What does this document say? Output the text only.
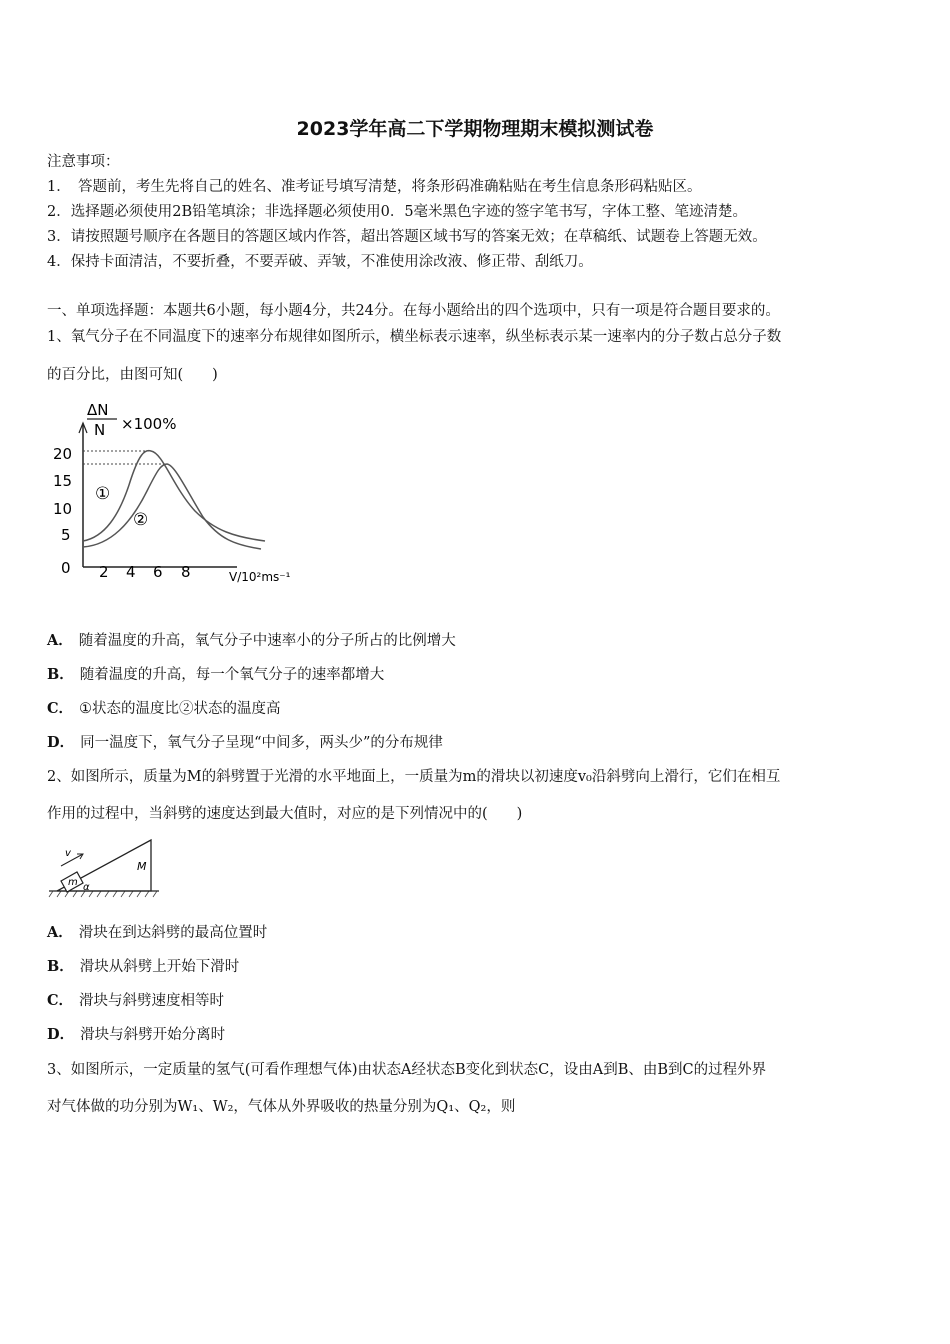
2023学年高二下学期物理期末模拟测试卷
注意事项：
1．　答题前，考生先将自己的姓名、准考证号填写清楚，将条形码准确粘贴在考生信息条形码粘贴区。
2．选择题必须使用2B铅笔填涂；非选择题必须使用0．5毫米黑色字迹的签字笔书写，字体工整、笔迹清楚。
3．请按照题号顺序在各题目的答题区域内作答，超出答题区域书写的答案无效；在草稿纸、试题卷上答题无效。
4．保持卡面清洁，不要折叠，不要弄破、弄皱，不准使用涂改液、修正带、刮纸刀。
一、单项选择题：本题共6小题，每小题4分，共24分。在每小题给出的四个选项中，只有一项是符合题目要求的。
1、氧气分子在不同温度下的速率分布规律如图所示，横坐标表示速率，纵坐标表示某一速率内的分子数占总分子数
的百分比，由图可知(　　)
ΔN
N ×100%
20
15
10
5
0 2 4 6 8	V/10²ms⁻¹
①
②
A． 随着温度的升高，氧气分子中速率小的分子所占的比例增大
B． 随着温度的升高，每一个氧气分子的速率都增大
C． ①状态的温度比②状态的温度高
D． 同一温度下，氧气分子呈现“中间多，两头少”的分布规律
2、如图所示，质量为M的斜劈置于光滑的水平地面上，一质量为m的滑块以初速度v₀沿斜劈向上滑行，它们在相互
作用的过程中，当斜劈的速度达到最大值时，对应的是下列情况中的(　　)
m
v
α
M
A． 滑块在到达斜劈的最高位置时
B． 滑块从斜劈上开始下滑时
C． 滑块与斜劈速度相等时
D． 滑块与斜劈开始分离时
3、如图所示，一定质量的氢气(可看作理想气体)由状态A经状态B变化到状态C，设由A到B、由B到C的过程外界
对气体做的功分别为W₁、W₂，气体从外界吸收的热量分别为Q₁、Q₂，则
